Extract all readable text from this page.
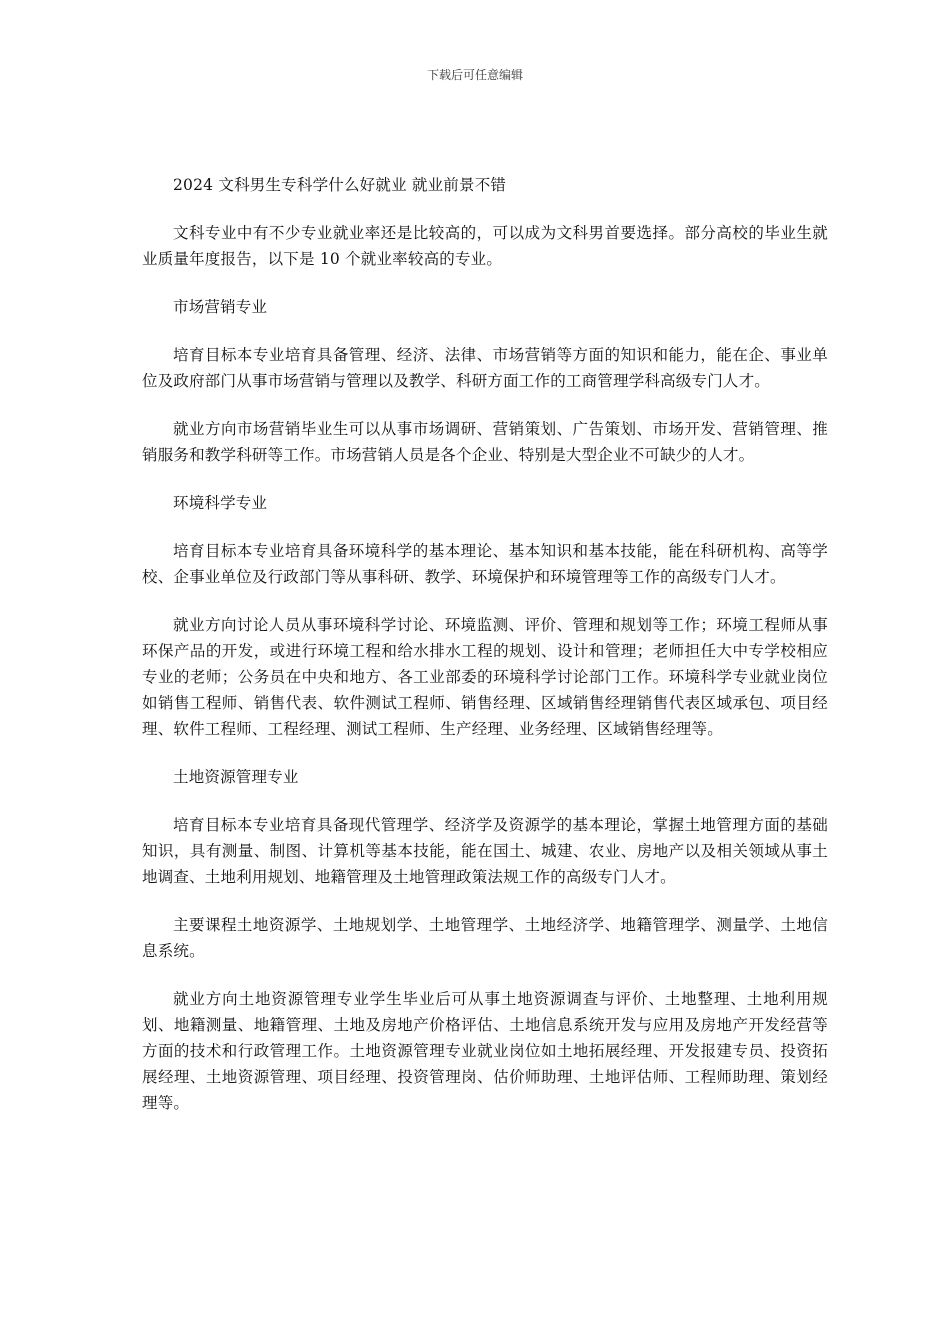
下载后可任意编辑

2024 文科男生专科学什么好就业 就业前景不错

文科专业中有不少专业就业率还是比较高的，可以成为文科男首要选择。部分高校的毕业生就业质量年度报告，以下是 10 个就业率较高的专业。

市场营销专业

培育目标本专业培育具备管理、经济、法律、市场营销等方面的知识和能力，能在企、事业单位及政府部门从事市场营销与管理以及教学、科研方面工作的工商管理学科高级专门人才。

就业方向市场营销毕业生可以从事市场调研、营销策划、广告策划、市场开发、营销管理、推销服务和教学科研等工作。市场营销人员是各个企业、特别是大型企业不可缺少的人才。

环境科学专业

培育目标本专业培育具备环境科学的基本理论、基本知识和基本技能，能在科研机构、高等学校、企事业单位及行政部门等从事科研、教学、环境保护和环境管理等工作的高级专门人才。

就业方向讨论人员从事环境科学讨论、环境监测、评价、管理和规划等工作；环境工程师从事环保产品的开发，或进行环境工程和给水排水工程的规划、设计和管理；老师担任大中专学校相应专业的老师；公务员在中央和地方、各工业部委的环境科学讨论部门工作。环境科学专业就业岗位如销售工程师、销售代表、软件测试工程师、销售经理、区域销售经理销售代表区域承包、项目经理、软件工程师、工程经理、测试工程师、生产经理、业务经理、区域销售经理等。

土地资源管理专业

培育目标本专业培育具备现代管理学、经济学及资源学的基本理论，掌握土地管理方面的基础知识，具有测量、制图、计算机等基本技能，能在国土、城建、农业、房地产以及相关领域从事土地调查、土地利用规划、地籍管理及土地管理政策法规工作的高级专门人才。

主要课程土地资源学、土地规划学、土地管理学、土地经济学、地籍管理学、测量学、土地信息系统。

就业方向土地资源管理专业学生毕业后可从事土地资源调查与评价、土地整理、土地利用规划、地籍测量、地籍管理、土地及房地产价格评估、土地信息系统开发与应用及房地产开发经营等方面的技术和行政管理工作。土地资源管理专业就业岗位如土地拓展经理、开发报建专员、投资拓展经理、土地资源管理、项目经理、投资管理岗、估价师助理、土地评估师、工程师助理、策划经理等。
